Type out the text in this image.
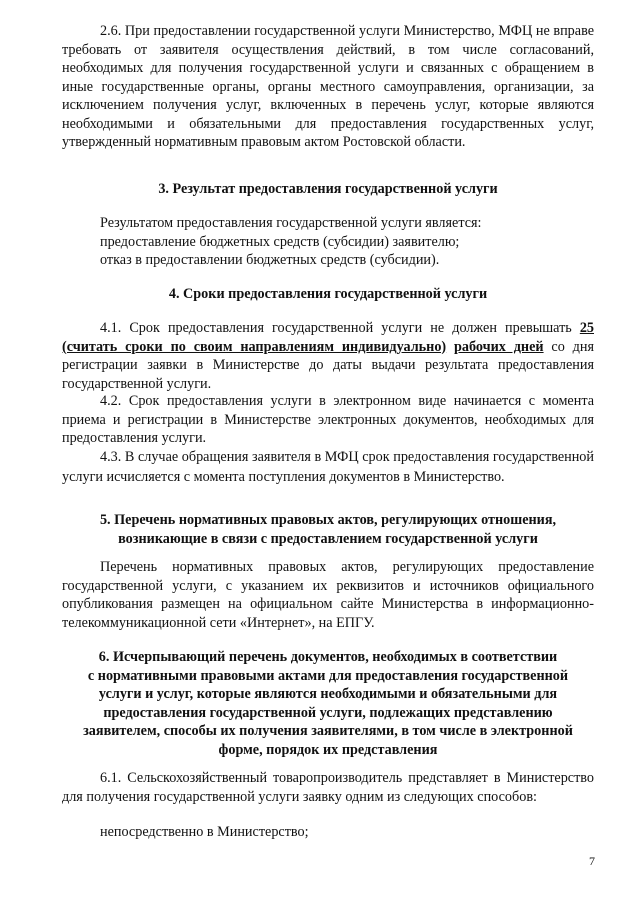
2.6. При предоставлении государственной услуги Министерство, МФЦ не вправе требовать от заявителя осуществления действий, в том числе согласований, необходимых для получения государственной услуги и связанных с обращением в иные государственные органы, органы местного самоуправления, организации, за исключением получения услуг, включенных в перечень услуг, которые являются необходимыми и обязательными для предоставления государственных услуг, утвержденный нормативным правовым актом Ростовской области.
3. Результат предоставления государственной услуги

Результатом предоставления государственной услуги является:

предоставление бюджетных средств (субсидии) заявителю;

отказ в предоставлении бюджетных средств (субсидии).

4. Сроки предоставления государственной услуги
4.1. Срок предоставления государственной услуги не должен превышать 25 (считать сроки по своим направлениям индивидуально) рабочих дней со дня регистрации заявки в Министерстве до даты выдачи результата предоставления государственной услуги.
4.2. Срок предоставления услуги в электронном виде начинается с момента приема и регистрации в Министерстве электронных документов, необходимых для предоставления услуги.
4.3. В случае обращения заявителя в МФЦ срок предоставления государственной услуги исчисляется с момента поступления документов в Министерство.
5. Перечень нормативных правовых актов, регулирующих отношения,
возникающие в связи с предоставлением государственной услуги
Перечень нормативных правовых актов, регулирующих предоставление государственной услуги, с указанием их реквизитов и источников официального опубликования размещен на официальном сайте Министерства в информационно-телекоммуникационной сети «Интернет», на ЕПГУ.
6. Исчерпывающий перечень документов, необходимых в соответствии
с нормативными правовыми актами для предоставления государственной
услуги и услуг, которые являются необходимыми и обязательными для
предоставления государственной услуги, подлежащих представлению
заявителем, способы их получения заявителями, в том числе в электронной
форме, порядок их представления
6.1. Сельскохозяйственный товаропроизводитель представляет в Министерство для получения государственной услуги заявку одним из следующих способов:
непосредственно в Министерство;
7
